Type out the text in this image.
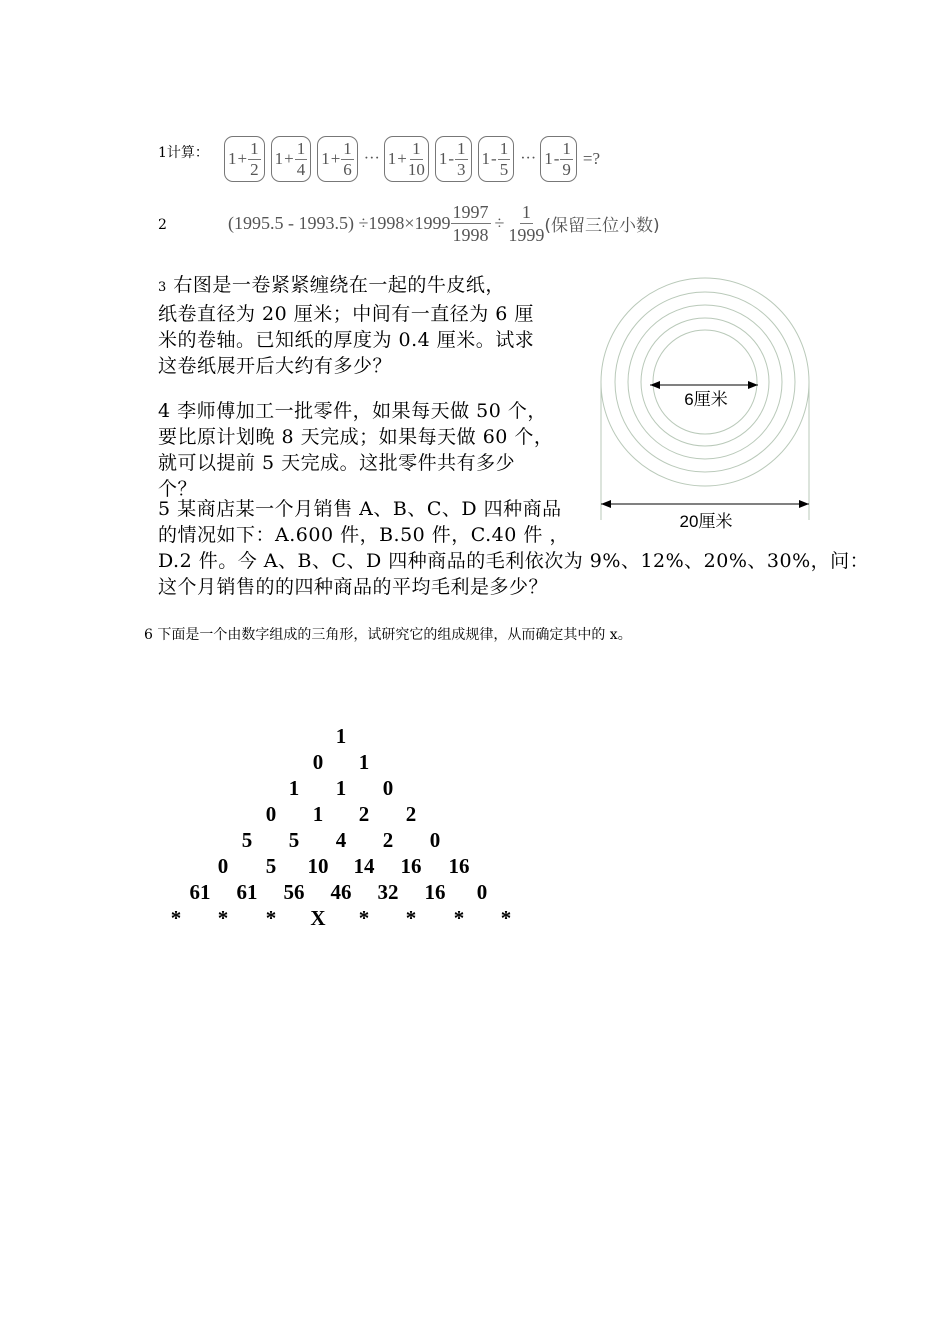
1计算： $1 + \frac{1}{2} 1 + \frac{1}{4} 1 + \frac{1}{6}$ ··· $1 + \frac{1}{10} 1 - \frac{1}{3} 1 - \frac{1}{5}$ ··· $1 - \frac{1}{9}$ =?
2	$(1995.5 - 1993.5) \div 1998\times 1999 \frac{1997}{1998} \div \frac{1}{1999}$ (保留三位小数)
3 右图是一卷紧紧缠绕在一起的牛皮纸，
纸卷直径为 20 厘米；中间有一直径为 6 厘
米的卷轴。已知纸的厚度为 0.4 厘米。试求
这卷纸展开后大约有多少？
4 李师傅加工一批零件，如果每天做 50 个，
要比原计划晚 8 天完成；如果每天做 60 个，
就可以提前 5 天完成。这批零件共有多少
个？
5 某商店某一个月销售 A、B、C、D 四种商品
的情况如下：A.600 件，B.50 件，C.40 件 ，
D.2 件。今 A、B、C、D 四种商品的毛利依次为 9%、12%、20%、30%，问：
这个月销售的的四种商品的平均毛利是多少？
6厘米
20厘米
6 下面是一个由数字组成的三角形，试研究它的组成规律，从而确定其中的 x。
1
0	1
1	1	0
0	1	2	2
5	5	4	2	0
0	5	10	14	16	16
61	61	56	46	32	16	0
*	*	*	X	*	*	*	*
